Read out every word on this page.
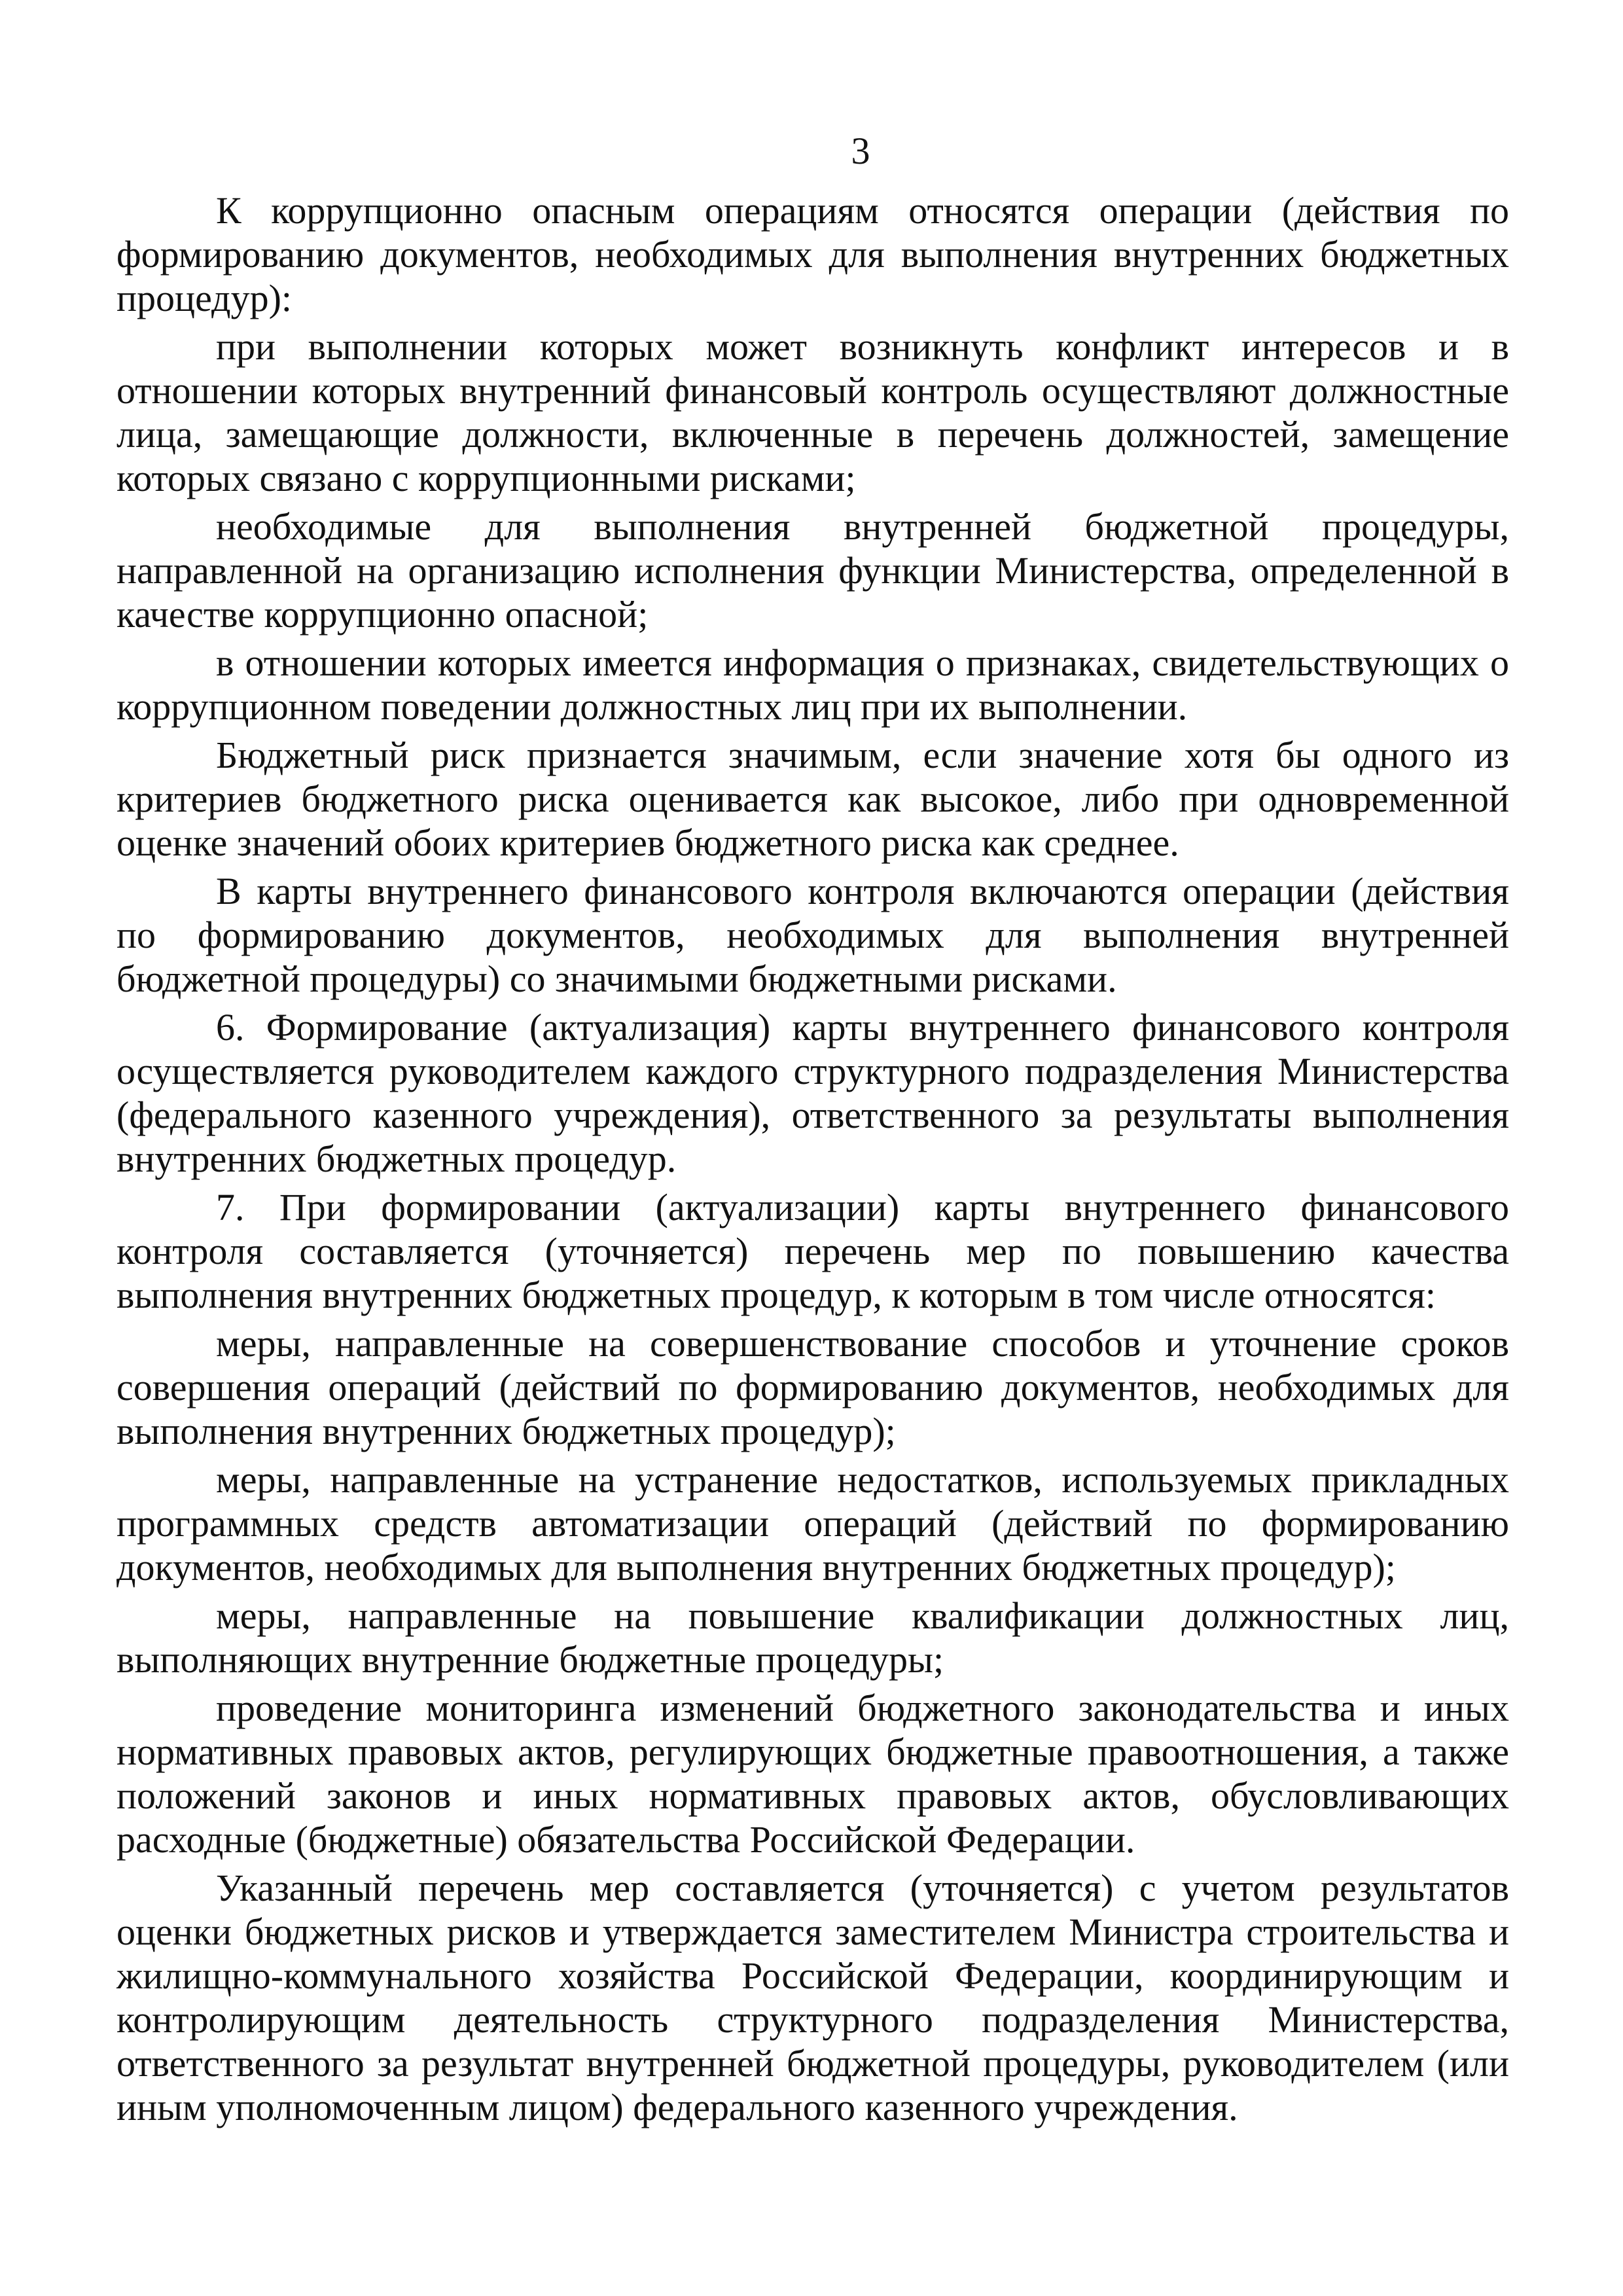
3

К коррупционно опасным операциям относятся операции (действия по формированию документов, необходимых для выполнения внутренних бюджетных процедур):

при выполнении которых может возникнуть конфликт интересов и в отношении которых внутренний финансовый контроль осуществляют должностные лица, замещающие должности, включенные в перечень должностей, замещение которых связано с коррупционными рисками;

необходимые для выполнения внутренней бюджетной процедуры, направленной на организацию исполнения функции Министерства, определенной в качестве коррупционно опасной;

в отношении которых имеется информация о признаках, свидетельствующих о коррупционном поведении должностных лиц при их выполнении.

Бюджетный риск признается значимым, если значение хотя бы одного из критериев бюджетного риска оценивается как высокое, либо при одновременной оценке значений обоих критериев бюджетного риска как среднее.

В карты внутреннего финансового контроля включаются операции (действия по формированию документов, необходимых для выполнения внутренней бюджетной процедуры) со значимыми бюджетными рисками.

6. Формирование (актуализация) карты внутреннего финансового контроля осуществляется руководителем каждого структурного подразделения Министерства (федерального казенного учреждения), ответственного за результаты выполнения внутренних бюджетных процедур.

7. При формировании (актуализации) карты внутреннего финансового контроля составляется (уточняется) перечень мер по повышению качества выполнения внутренних бюджетных процедур, к которым в том числе относятся:

меры, направленные на совершенствование способов и уточнение сроков совершения операций (действий по формированию документов, необходимых для выполнения внутренних бюджетных процедур);

меры, направленные на устранение недостатков, используемых прикладных программных средств автоматизации операций (действий по формированию документов, необходимых для выполнения внутренних бюджетных процедур);

меры, направленные на повышение квалификации должностных лиц, выполняющих внутренние бюджетные процедуры;

проведение мониторинга изменений бюджетного законодательства и иных нормативных правовых актов, регулирующих бюджетные правоотношения, а также положений законов и иных нормативных правовых актов, обусловливающих расходные (бюджетные) обязательства Российской Федерации.

Указанный перечень мер составляется (уточняется) с учетом результатов оценки бюджетных рисков и утверждается заместителем Министра строительства и жилищно-коммунального хозяйства Российской Федерации, координирующим и контролирующим деятельность структурного подразделения Министерства, ответственного за результат внутренней бюджетной процедуры, руководителем (или иным уполномоченным лицом) федерального казенного учреждения.
